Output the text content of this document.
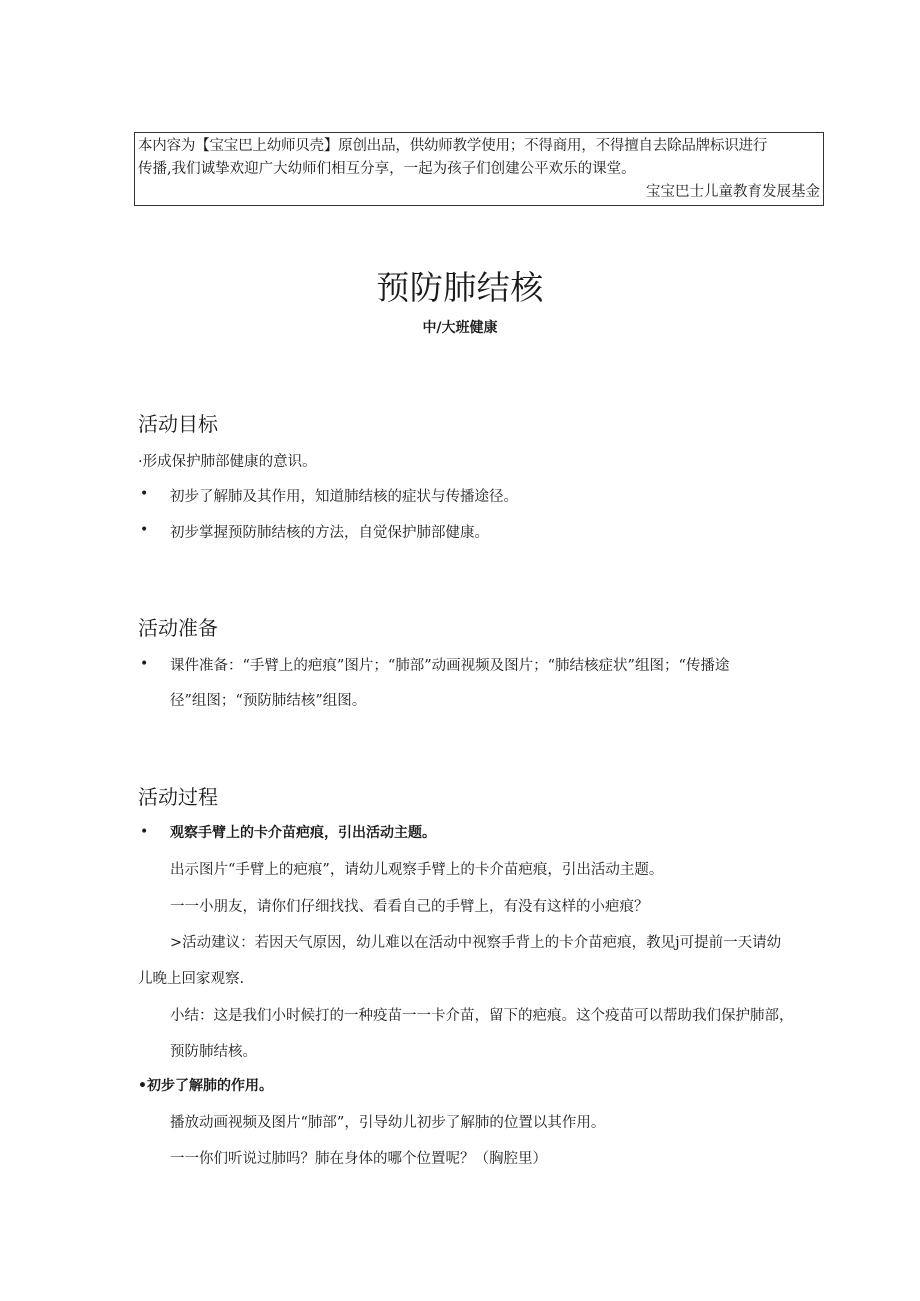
本内容为【宝宝巴上幼师贝壳】原创出品，供幼师教学使用；不得商用，不得擅自去除品牌标识进行
传播,我们诚挚欢迎广大幼师们相互分享，一起为孩子们创建公平欢乐的课堂。
宝宝巴士儿童教育发展基金
预防肺结核
中/大班健康
活动目标
·形成保护肺部健康的意识。
• 初步了解肺及其作用，知道肺结核的症状与传播途径。
• 初步掌握预防肺结核的方法，自觉保护肺部健康。
活动准备
• 课件准备：“手臂上的疤痕”图片；“肺部”动画视频及图片；“肺结核症状”组图；“传播途
径”组图；“预防肺结核”组图。
活动过程
• 观察手臂上的卡介苗疤痕，引出活动主题。
出示图片“手臂上的疤痕”，请幼儿观察手臂上的卡介苗疤痕，引出活动主题。
一一小朋友，请你们仔细找找、看看自己的手臂上，有没有这样的小疤痕？
>活动建议：若因天气原因，幼儿难以在活动中视察手背上的卡介苗疤痕，教见j可提前一天请幼
儿晚上回家观察.
小结：这是我们小时候打的一种疫苗一一卡介苗，留下的疤痕。这个疫苗可以帮助我们保护肺部，
预防肺结核。
•初步了解肺的作用。
播放动画视频及图片“肺部”，引导幼儿初步了解肺的位置以其作用。
一一你们听说过肺吗？肺在身体的哪个位置呢？（胸腔里）
